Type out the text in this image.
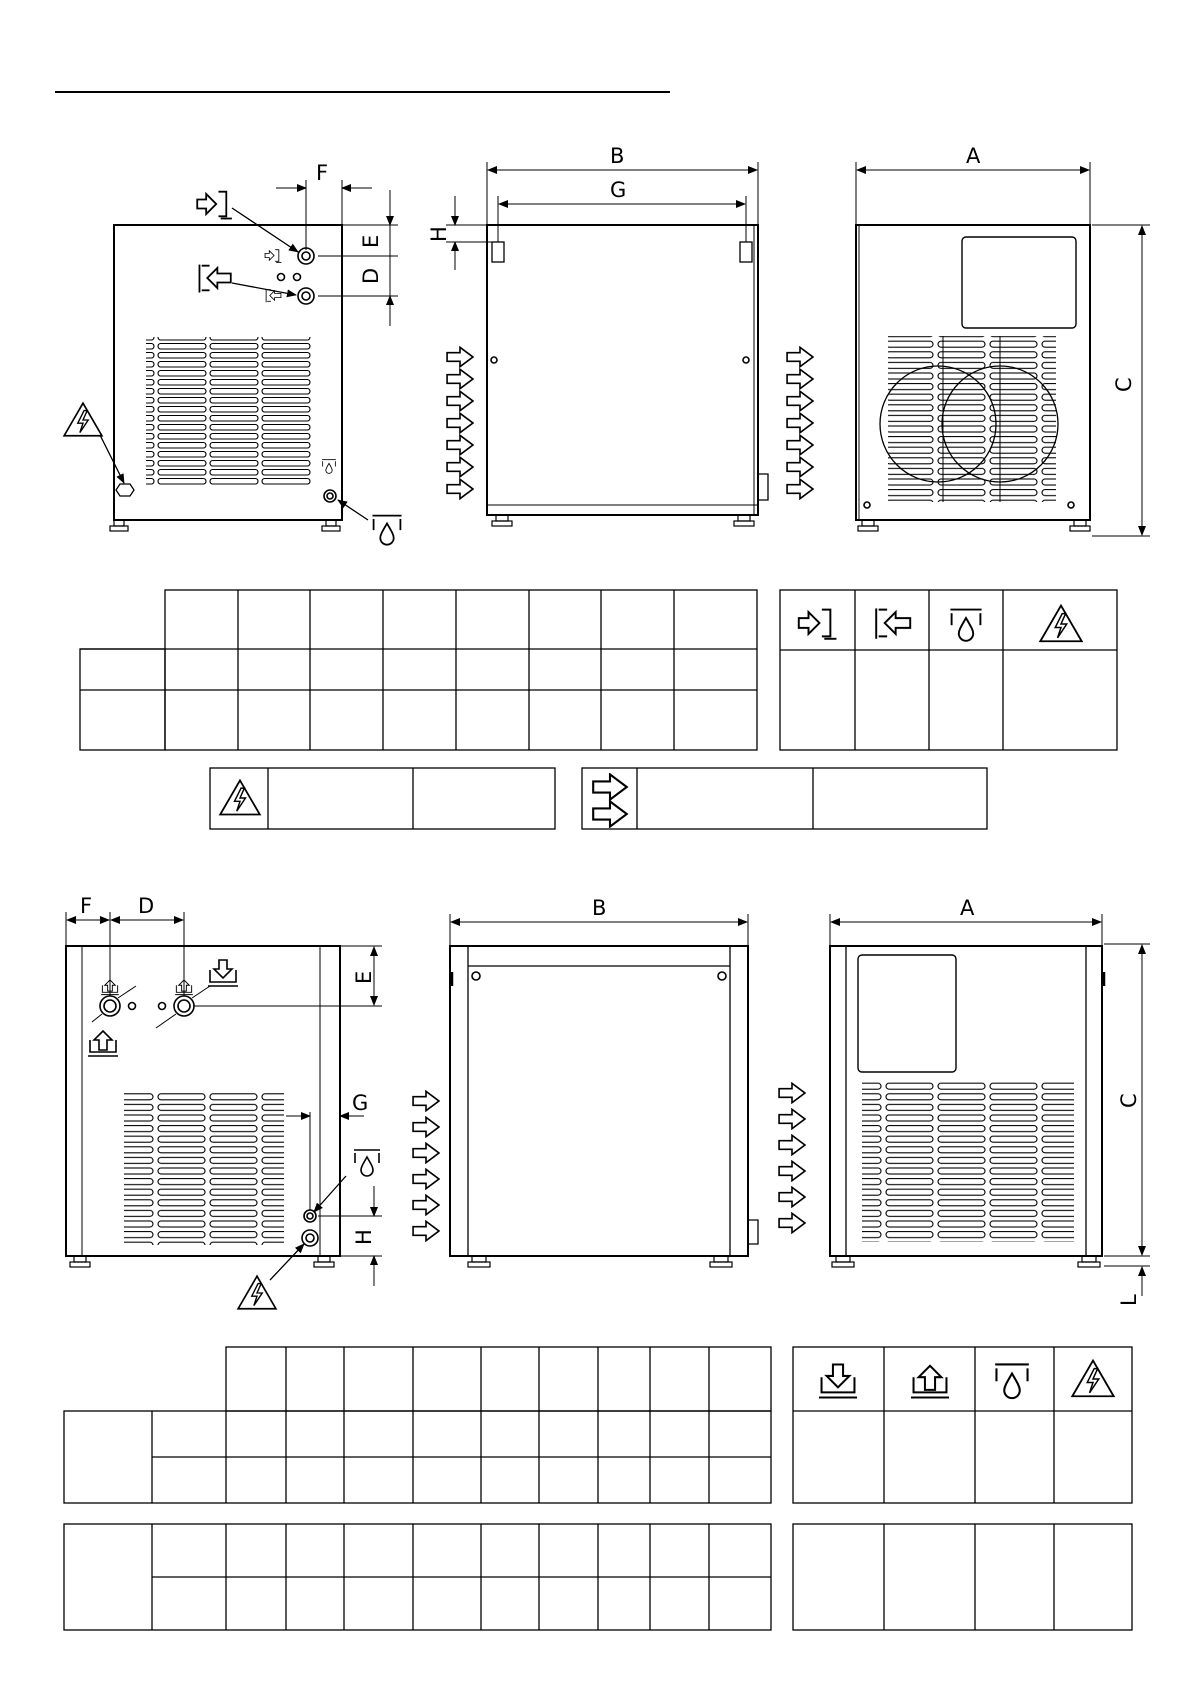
F
E
D
B
G
H
A
C
F D
E
G
H
B	A
C
L
